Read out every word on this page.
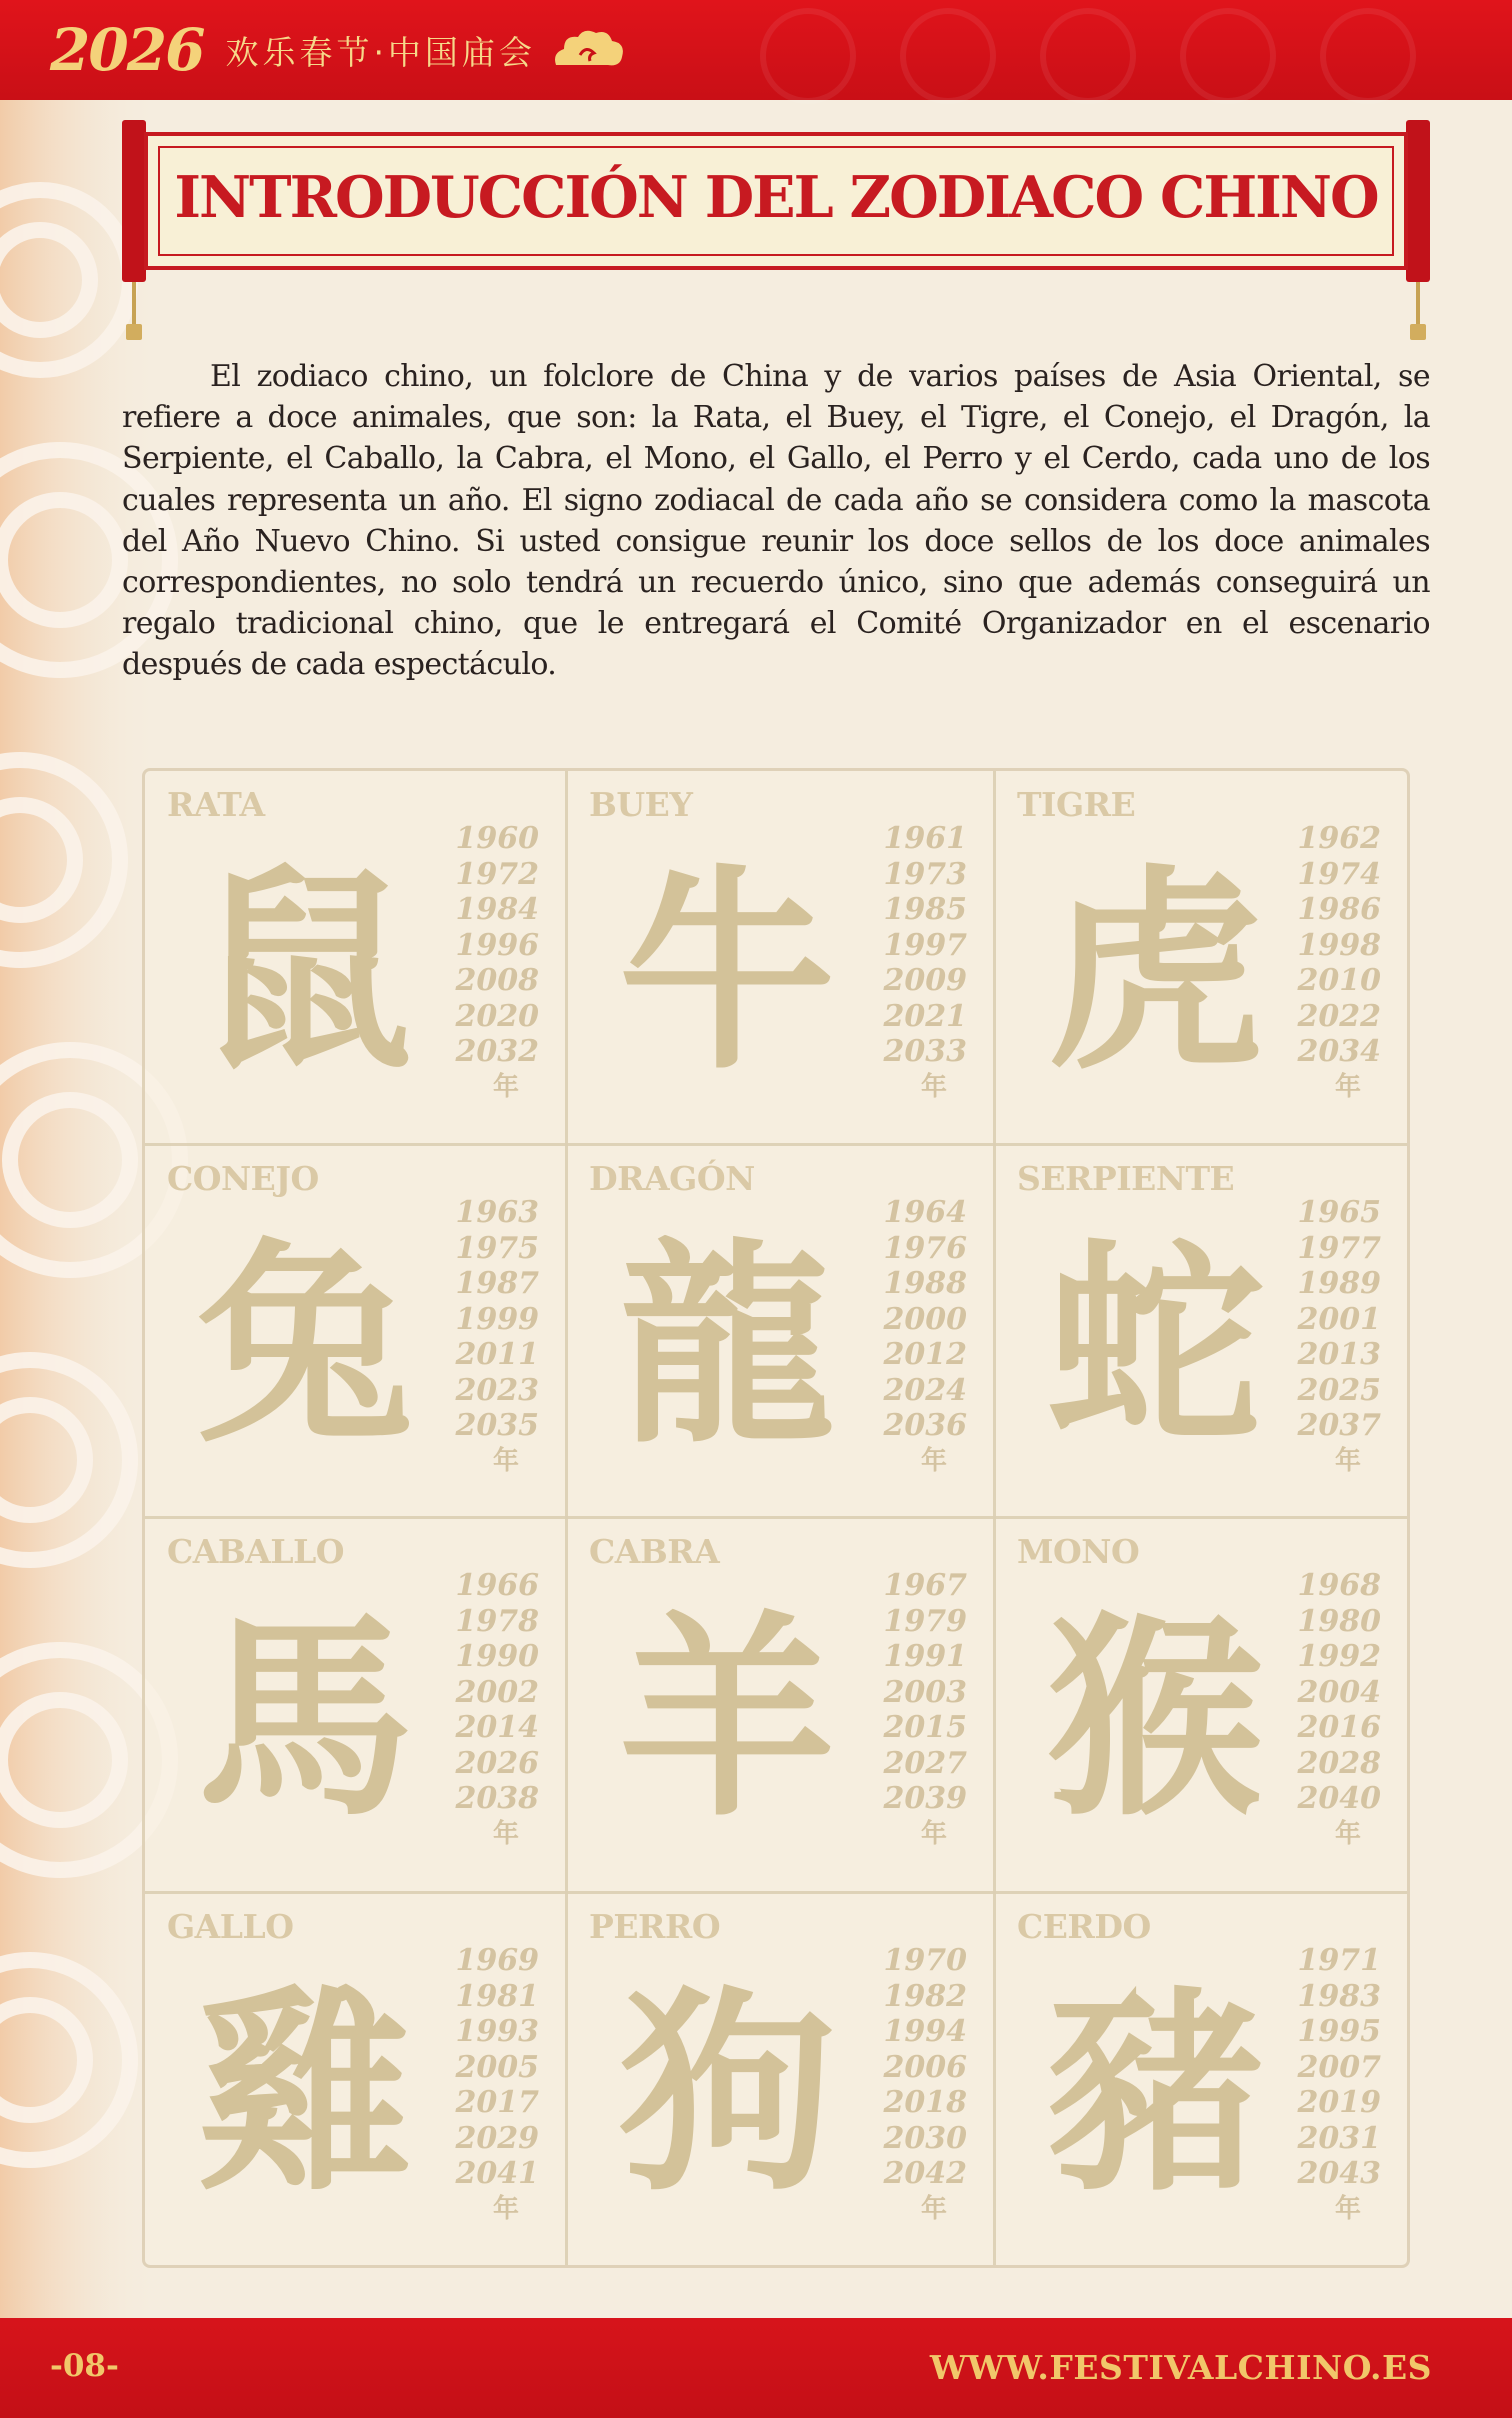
2026 欢乐春节·中国庙会
INTRODUCCIÓN DEL ZODIACO CHINO

El zodiaco chino, un folclore de China y de varios países de Asia Oriental, se refiere a doce animales, que son: la Rata, el Buey, el Tigre, el Conejo, el Dragón, la Serpiente, el Caballo, la Cabra, el Mono, el Gallo, el Perro y el Cerdo, cada uno de los cuales representa un año. El signo zodiacal de cada año se considera como la mascota del Año Nuevo Chino. Si usted consigue reunir los doce sellos de los doce animales correspondientes, no solo tendrá un recuerdo único, sino que además conseguirá un regalo tradicional chino, que le entregará el Comité Organizador en el escenario después de cada espectáculo.

RATA
鼠
1960
1972
1984
1996
2008
2020
2032
年
BUEY
牛
1961
1973
1985
1997
2009
2021
2033
年
TIGRE
虎
1962
1974
1986
1998
2010
2022
2034
年
CONEJO
兔
1963
1975
1987
1999
2011
2023
2035
年
DRAGÓN
龍
1964
1976
1988
2000
2012
2024
2036
年
SERPIENTE
蛇
1965
1977
1989
2001
2013
2025
2037
年
CABALLO
馬
1966
1978
1990
2002
2014
2026
2038
年
CABRA
羊
1967
1979
1991
2003
2015
2027
2039
年
MONO
猴
1968
1980
1992
2004
2016
2028
2040
年
GALLO
雞
1969
1981
1993
2005
2017
2029
2041
年
PERRO
狗
1970
1982
1994
2006
2018
2030
2042
年
CERDO
豬
1971
1983
1995
2007
2019
2031
2043
年
-08-	WWW.FESTIVALCHINO.ES
